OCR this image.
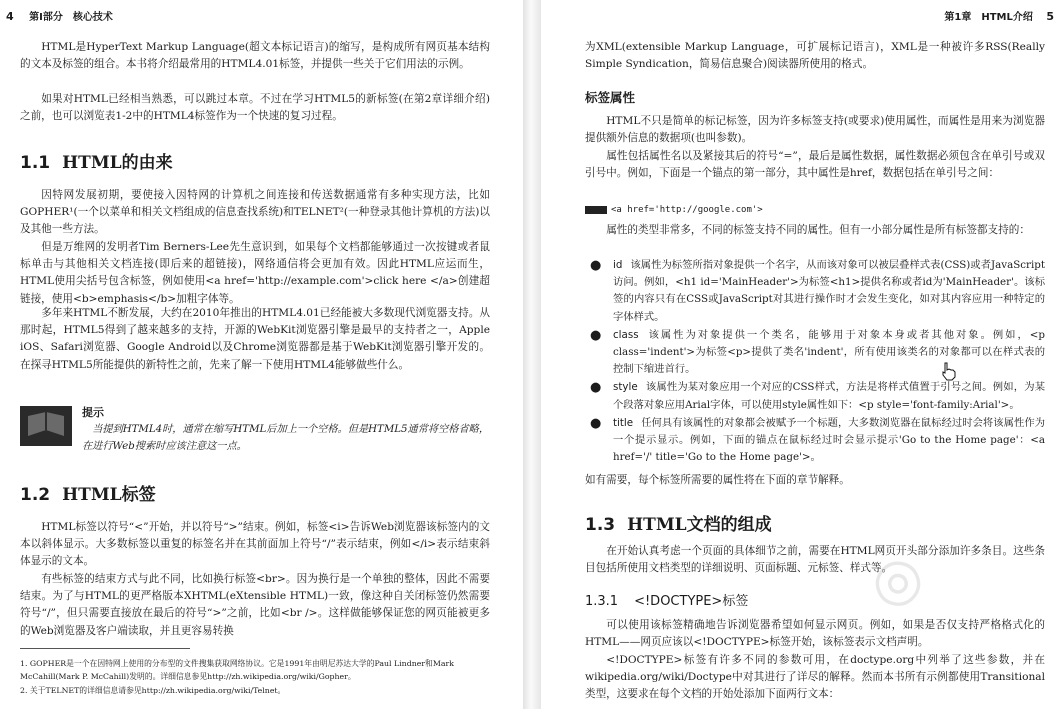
4 第Ⅰ部分　核心技术
HTML是HyperText Markup Language(超文本标记语言)的缩写，是构成所有网页基本结构的文本及标签的组合。本书将介绍最常用的HTML4.01标签，并提供一些关于它们用法的示例。
如果对HTML已经相当熟悉，可以跳过本章。不过在学习HTML5的新标签(在第2章详细介绍)之前，也可以浏览表1-2中的HTML4标签作为一个快速的复习过程。
1.1 HTML的由来
因特网发展初期，要使接入因特网的计算机之间连接和传送数据通常有多种实现方法，比如GOPHER¹(一个以菜单和相关文档组成的信息查找系统)和TELNET²(一种登录其他计算机的方法)以及其他一些方法。
但是万维网的发明者Tim Berners-Lee先生意识到，如果每个文档都能够通过一次按键或者鼠标单击与其他相关文档连接(即后来的超链接)，网络通信将会更加有效。因此HTML应运而生，HTML使用尖括号包含标签，例如使用<a href='http://example.com'>click here </a>创建超链接，使用<b>emphasis</b>加粗字体等。
多年来HTML不断发展，大约在2010年推出的HTML4.01已经能被大多数现代浏览器支持。从那时起，HTML5得到了越来越多的支持，开源的WebKit浏览器引擎是最早的支持者之一，Apple iOS、Safari浏览器、Google Android以及Chrome浏览器都是基于WebKit浏览器引擎开发的。在探寻HTML5所能提供的新特性之前，先来了解一下使用HTML4能够做些什么。
提示
当提到HTML4时，通常在缩写HTML后加上一个空格。但是HTML5通常将空格省略，在进行Web搜索时应该注意这一点。
1.2 HTML标签
HTML标签以符号“<”开始，并以符号“>”结束。例如，标签<i>告诉Web浏览器该标签内的文本以斜体显示。大多数标签以重复的标签名并在其前面加上符号“/”表示结束，例如</i>表示结束斜体显示的文本。
有些标签的结束方式与此不同，比如换行标签<br>。因为换行是一个单独的整体，因此不需要结束。为了与HTML的更严格版本XHTML(eXtensible HTML)一致，像这种自关闭标签仍然需要符号“/”，但只需要直接放在最后的符号“>”之前，比如<br />。这样做能够保证您的网页能被更多的Web浏览器及客户端读取，并且更容易转换
1. GOPHER是一个在因特网上使用的分布型的文件搜集获取网络协议。它是1991年由明尼苏达大学的Paul Lindner和Mark McCahill(Mark P. McCahill)发明的。详细信息参见http://zh.wikipedia.org/wiki/Gopher。
2. 关于TELNET的详细信息请参见http://zh.wikipedia.org/wiki/Telnet。
第1章　HTML介绍 5
为XML(extensible Markup Language，可扩展标记语言)，XML是一种被许多RSS(Really Simple Syndication，简易信息聚合)阅读器所使用的格式。
标签属性
HTML不只是简单的标记标签，因为许多标签支持(或要求)使用属性，而属性是用来为浏览器提供额外信息的数据项(也叫参数)。
属性包括属性名以及紧接其后的符号“=”，最后是属性数据，属性数据必须包含在单引号或双引号中。例如，下面是一个锚点的第一部分，其中属性是href，数据包括在单引号之间：
<a href='http://google.com'>
属性的类型非常多，不同的标签支持不同的属性。但有一小部分属性是所有标签都支持的：
● id 该属性为标签所指对象提供一个名字，从而该对象可以被层叠样式表(CSS)或者JavaScript访问。例如，<h1 id='MainHeader'>为标签<h1>提供名称或者id为'MainHeader'。该标签的内容只有在CSS或JavaScript对其进行操作时才会发生变化，如对其内容应用一种特定的字体样式。
● class 该属性为对象提供一个类名，能够用于对象本身或者其他对象。例如，<p class='indent'>为标签<p>提供了类名'indent'，所有使用该类名的对象都可以在样式表的控制下缩进首行。
● style 该属性为某对象应用一个对应的CSS样式，方法是将样式值置于引号之间。例如，为某个段落对象应用Arial字体，可以使用style属性如下：<p style='font-family:Arial'>。
● title 任何具有该属性的对象都会被赋予一个标题，大多数浏览器在鼠标经过时会将该属性作为一个提示显示。例如，下面的锚点在鼠标经过时会显示提示'Go to the Home page'：<a href='/' title='Go to the Home page'>。
如有需要，每个标签所需要的属性将在下面的章节解释。
1.3 HTML文档的组成
在开始认真考虑一个页面的具体细节之前，需要在HTML网页开头部分添加许多条目。这些条目包括所使用文档类型的详细说明、页面标题、元标签、样式等。
1.3.1 <!DOCTYPE>标签
可以使用该标签精确地告诉浏览器希望如何显示网页。例如，如果是否仅支持严格格式化的HTML——网页应该以<!DOCTYPE>标签开始，该标签表示文档声明。
<!DOCTYPE>标签有许多不同的参数可用，在doctype.org中列举了这些参数，并在wikipedia.org/wiki/Doctype中对其进行了详尽的解释。然而本书所有示例都使用Transitional类型，这要求在每个文档的开始处添加下面两行文本：
◎
